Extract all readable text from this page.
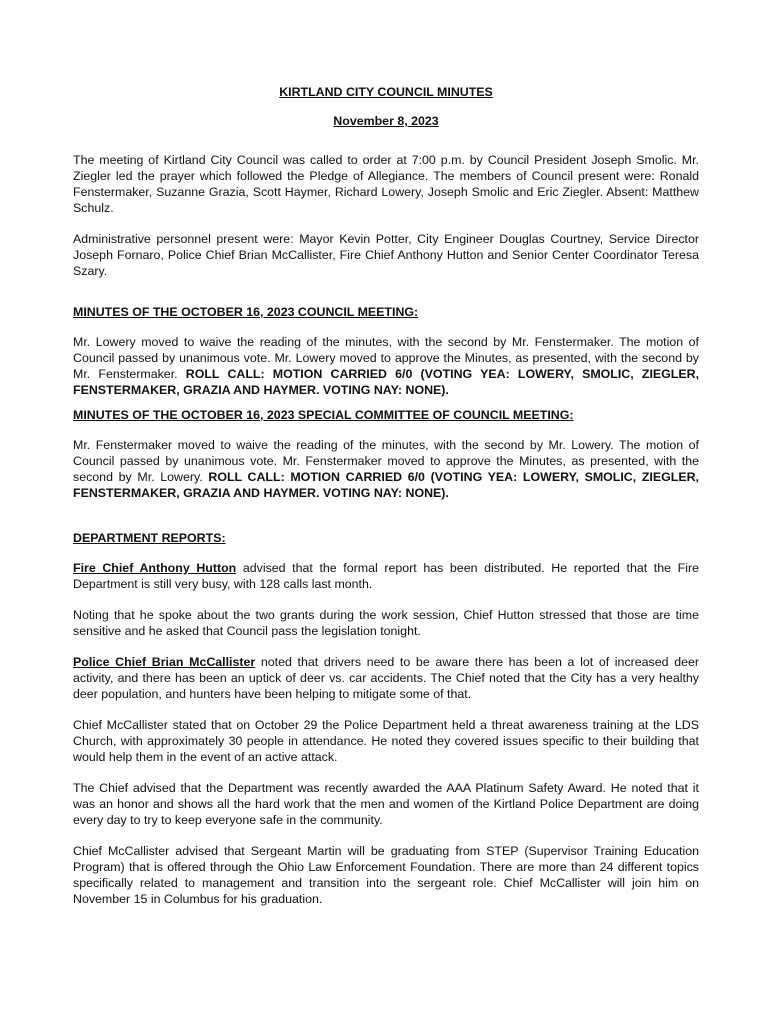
KIRTLAND CITY COUNCIL MINUTES
November 8, 2023

The meeting of Kirtland City Council was called to order at 7:00 p.m. by Council President Joseph Smolic. Mr. Ziegler led the prayer which followed the Pledge of Allegiance. The members of Council present were: Ronald Fenstermaker, Suzanne Grazia, Scott Haymer, Richard Lowery, Joseph Smolic and Eric Ziegler. Absent: Matthew Schulz.

Administrative personnel present were: Mayor Kevin Potter, City Engineer Douglas Courtney, Service Director Joseph Fornaro, Police Chief Brian McCallister, Fire Chief Anthony Hutton and Senior Center Coordinator Teresa Szary.

MINUTES OF THE OCTOBER 16, 2023 COUNCIL MEETING:

Mr. Lowery moved to waive the reading of the minutes, with the second by Mr. Fenstermaker. The motion of Council passed by unanimous vote. Mr. Lowery moved to approve the Minutes, as presented, with the second by Mr. Fenstermaker. ROLL CALL: MOTION CARRIED 6/0 (VOTING YEA: LOWERY, SMOLIC, ZIEGLER, FENSTERMAKER, GRAZIA AND HAYMER. VOTING NAY: NONE).

MINUTES OF THE OCTOBER 16, 2023 SPECIAL COMMITTEE OF COUNCIL MEETING:

Mr. Fenstermaker moved to waive the reading of the minutes, with the second by Mr. Lowery. The motion of Council passed by unanimous vote. Mr. Fenstermaker moved to approve the Minutes, as presented, with the second by Mr. Lowery. ROLL CALL: MOTION CARRIED 6/0 (VOTING YEA: LOWERY, SMOLIC, ZIEGLER, FENSTERMAKER, GRAZIA AND HAYMER. VOTING NAY: NONE).

DEPARTMENT REPORTS:

Fire Chief Anthony Hutton advised that the formal report has been distributed. He reported that the Fire Department is still very busy, with 128 calls last month.

Noting that he spoke about the two grants during the work session, Chief Hutton stressed that those are time sensitive and he asked that Council pass the legislation tonight.

Police Chief Brian McCallister noted that drivers need to be aware there has been a lot of increased deer activity, and there has been an uptick of deer vs. car accidents. The Chief noted that the City has a very healthy deer population, and hunters have been helping to mitigate some of that.

Chief McCallister stated that on October 29 the Police Department held a threat awareness training at the LDS Church, with approximately 30 people in attendance. He noted they covered issues specific to their building that would help them in the event of an active attack.

The Chief advised that the Department was recently awarded the AAA Platinum Safety Award. He noted that it was an honor and shows all the hard work that the men and women of the Kirtland Police Department are doing every day to try to keep everyone safe in the community.

Chief McCallister advised that Sergeant Martin will be graduating from STEP (Supervisor Training Education Program) that is offered through the Ohio Law Enforcement Foundation. There are more than 24 different topics specifically related to management and transition into the sergeant role. Chief McCallister will join him on November 15 in Columbus for his graduation.
